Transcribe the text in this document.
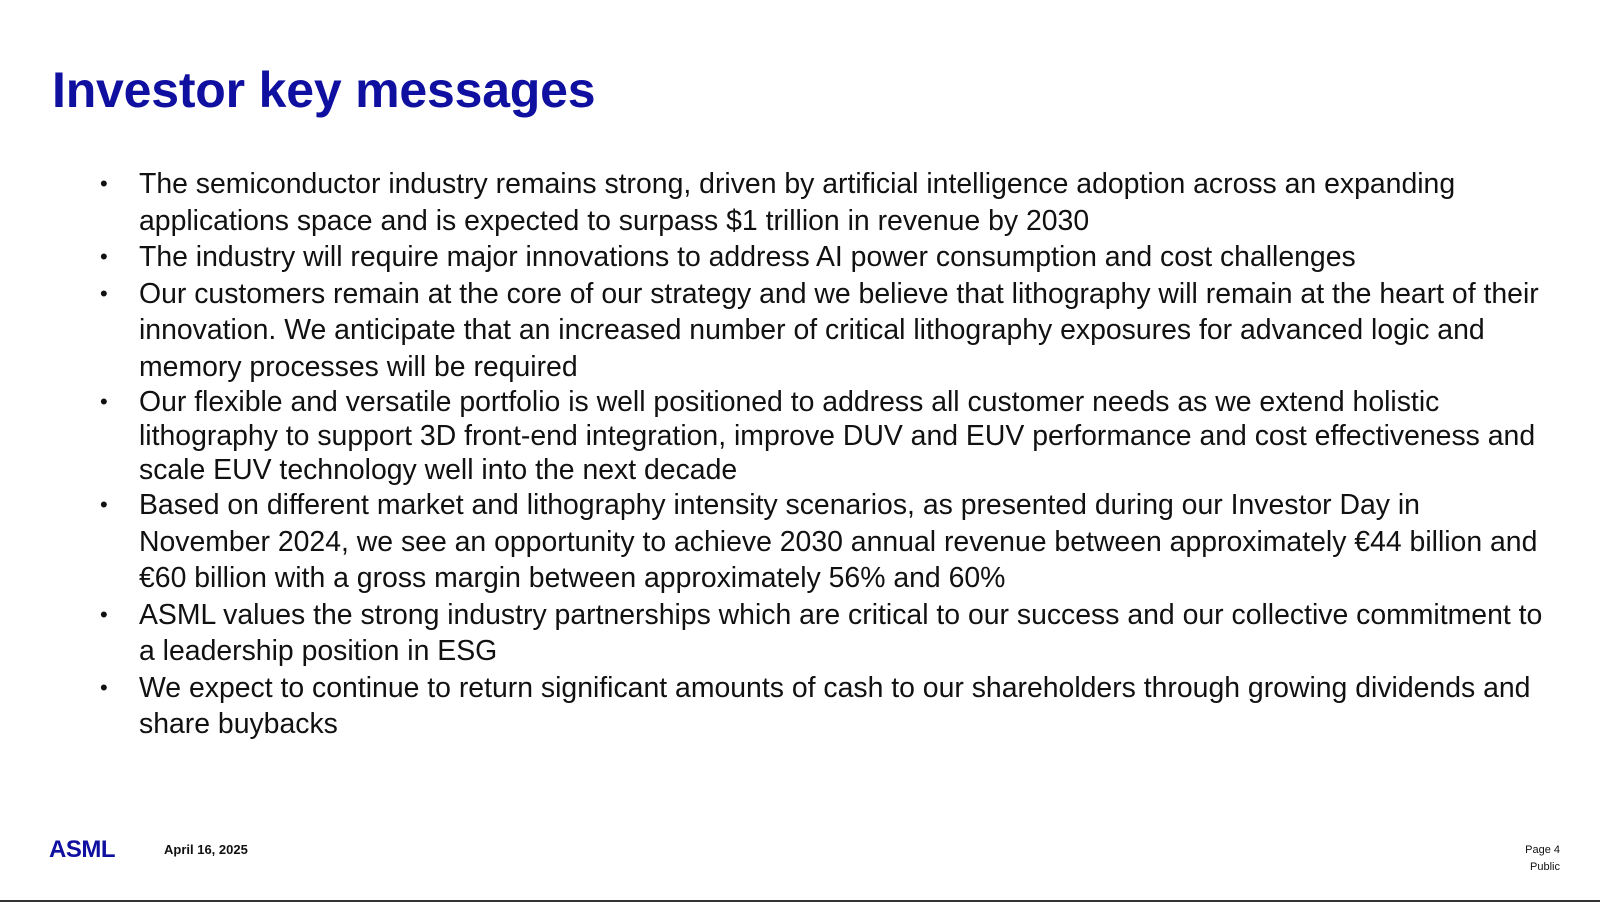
Investor key messages
•	The semiconductor industry remains strong, driven by artificial intelligence adoption across an expanding applications space and is expected to surpass $1 trillion in revenue by 2030
•	The industry will require major innovations to address AI power consumption and cost challenges
•	Our customers remain at the core of our strategy and we believe that lithography will remain at the heart of their innovation. We anticipate that an increased number of critical lithography exposures for advanced logic and memory processes will be required
•	Our flexible and versatile portfolio is well positioned to address all customer needs as we extend holistic lithography to support 3D front-end integration, improve DUV and EUV performance and cost effectiveness and scale EUV technology well into the next decade
•	Based on different market and lithography intensity scenarios, as presented during our Investor Day in November 2024, we see an opportunity to achieve 2030 annual revenue between approximately €44 billion and €60 billion with a gross margin between approximately 56% and 60%
•	ASML values the strong industry partnerships which are critical to our success and our collective commitment to a leadership position in ESG
•	We expect to continue to return significant amounts of cash to our shareholders through growing dividends and share buybacks
ASML	April 16, 2025	Page 4
Public
